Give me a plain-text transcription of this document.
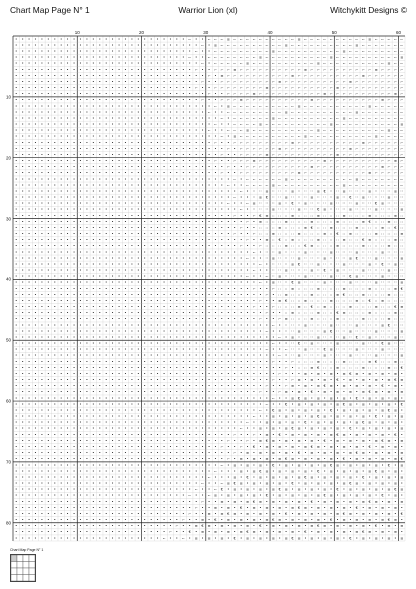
Chart Map Page N° 1	Warrior Lion (xl)	Witchykitt Designs ©
10	20	30	40	50	60
10
20
30
40
50
60
70
80
• • • • • • • • • • • • • • • • • • • • • • • • • • • ⌐ • • ⌐ ⌐ ⌐ ≡ ⌐ ⌐ ⌐ ⌐ ⌐ ⌐ ⌐ ⌐ ⌐ ⌐ ≡ ⌐ ⌐ ⌐ ⌐ ⌐ ⌐ ⌐ ⌐ ⌐ ⌐ ≡ ⌐ ⌐ ⌐ ⌐ ⌐
• • • • • • • • • • • • • • • • • • • • • • • • • • • • • ⌐ • ≡ ⌐ ⌐ ⌐ ⌐ ⌐ ⌐ ⌐ ⌐ ⌐ ⌐ ≡ ⌐ ⌐ ⌐ ⌐ ⌐ ⌐ ⌐ ⌐ ⌐ ⌐ ≡ ⌐ ⌐ ⌐ ⌐ ⌐ ⌐ ⌐
• • • • • • • • • • • • • • • • • • • • • • • • • • • • ⌐ • • ⌐ ⌐ ⌐ ⌐ ⌐ ⌐ ⌐ ⌐ ⌐ ≡ ⌐ ⌐ ⌐ ⌐ ⌐ ⌐ ⌐ ⌐ ⌐ ⌐ ≡ ⌐ ⌐ ⌐ ⌐ ⌐ ⌐ ⌐ ⌐ ⌐
• • • • • • • • • • • • • • • • • • • • • • • • • • • ⌐ • • ⌐ ⌐ ⌐ ⌐ ⌐ ⌐ ⌐ ⌐ ≡ ⌐ ⌐ ⌐ ⌐ ⌐ ⌐ ⌐ ⌐ ⌐ ⌐ ≡ ⌐ ⌐ ⌐ ⌐ ⌐ ⌐ ⌐ ⌐ ⌐ ⌐ ≡
• • • • • • • • • • • • • • • • • • • • • • • • • • • • • ⌐ • ⌐ ⌐ ⌐ ⌐ ⌐ ≡ ⌐ ⌐ ⌐ ⌐ ⌐ ⌐ ⌐ ⌐ ⌐ ⌐ ≡ ⌐ ⌐ ⌐ ⌐ ⌐ ⌐ ⌐ ⌐ ⌐ ⌐ ≡ ⌐ ⌐
• • • • • • • • • • • • • • • • • • • • • • • • • • • • ⌐ • • ⌐ ⌐ ⌐ ≡ ⌐ ⌐ ⌐ ⌐ ⌐ ⌐ ⌐ ⌐ ⌐ ⌐ ≡ ⌐ ⌐ ⌐ ⌐ ⌐ ⌐ ⌐ ⌐ ⌐ ⌐ ≡ ⌐ ⌐ ⌐ ⌐
• • • • • • • • • • • • • • • • • • • • • • • • • • • • • • ⌐ • ≡ ⌐ ⌐ ⌐ ⌐ ⌐ ⌐ ⌐ ⌐ ⌐ ⌐ ≡ ⌐ ⌐ ⌐ ⌐ ⌐ ⌐ ⌐ ⌐ ⌐ ⌐ ≡ ⌐ ⌐ ⌐ ⌐ ⌐ ⌐
• • • • • • • • • • • • • • • • • • • • • • • • • • • • • ⌐ • • ⌐ ⌐ ⌐ ⌐ ⌐ ⌐ ⌐ ⌐ ⌐ ≡ ⌐ ⌐ ⌐ ⌐ ⌐ ⌐ ⌐ ⌐ ⌐ ⌐ ≡ ⌐ ⌐ ⌐ ⌐ ⌐ ⌐ ⌐ ⌐
• • • • • • • • • • • • • • • • • • • • • • • • • • • • ⌐ • • ⌐ ⌐ ⌐ ⌐ ⌐ ⌐ ⌐ ⌐ ≡ ⌐ ⌐ ⌐ ⌐ ⌐ ⌐ ⌐ ⌐ ⌐ ⌐ ≡ ⌐ ⌐ ⌐ ⌐ ⌐ ⌐ ⌐ ⌐ ⌐ ⌐
• • • • • • • • • • • • • • • • • • • • • • • • • • • • • • ⌐ • • ⌐ ⌐ ⌐ ⌐ ≡ ⌐ ⌐ ⌐ ⌐ ⌐ ⌐ ⌐ ⌐ ⌐ ⌐ ≡ ⌐ ⌐ ⌐ ⌐ ⌐ ⌐ ⌐ ⌐ ⌐ ⌐ ≡ ⌐
• • • • • • • • • • • • • • • • • • • • • • • • • • • • • ⌐ • • ⌐ ⌐ ⌐ ≡ ⌐ ⌐ ⌐ ⌐ ⌐ ⌐ ⌐ ⌐ ⌐ ⌐ ≡ ⌐ ⌐ ⌐ ⌐ ⌐ ⌐ ⌐ ⌐ ⌐ ⌐ ≡ ⌐ ⌐ ⌐
• • • • • • • • • • • • • • • • • • • • • • • • • • • • • • • ⌐ • ≡ ⌐ ⌐ ⌐ ⌐ ⌐ ⌐ ⌐ ⌐ ⌐ ⌐ ≡ ⌐ ⌐ ⌐ ⌐ ⌐ ⌐ ⌐ ⌐ ⌐ ⌐ ≡ ⌐ ⌐ ⌐ ⌐ ⌐
• • • • • • • • • • • • • • • • • • • • • • • • • • • • • • ⌐ • • ⌐ ⌐ ⌐ ⌐ ⌐ ⌐ ⌐ ⌐ ⌐ ≡ ⌐ ⌐ ⌐ ⌐ ⌐ ⌐ ⌐ ⌐ ⌐ ⌐ ≡ ⌐ ⌐ ⌐ ⌐ ⌐ ⌐ ⌐
• • • • • • • • • • • • • • • • • • • • • • • • • • • • • • • • ⌐ • ⌐ ⌐ ⌐ ⌐ ⌐ ⌐ ≡ ⌐ ⌐ ⌐ ⌐ ⌐ ⌐ ⌐ ⌐ ⌐ ⌐ ≡ ⌐ ⌐ ⌐ ⌐ ⌐ ⌐ ⌐ ⌐ ⌐
• • • • • • • • • • • • • • • • • • • • • • • • • • • • • • • ⌐ • • ⌐ ⌐ ⌐ ⌐ ≡ ⌐ ⌐ ⌐ ⌐ ⌐ ⌐ ⌐ ⌐ ⌐ ⌐ ≡ ⌐ ⌐ ⌐ ⌐ ⌐ ⌐ ⌐ ⌐ ⌐ ⌐ ≡
• • • • • • • • • • • • • • • • • • • • • • • • • • • • • • ⌐ • • ⌐ ⌐ ⌐ ≡ ⌐ ⌐ ⌐ ⌐ ⌐ ⌐ ⌐ ⌐ ⌐ ⌐ ≡ ⌐ ⌐ ⌐ ⌐ ⌐ ⌐ ⌐ ⌐ ⌐ ⌐ ≡ ⌐ ⌐
• • • • • • • • • • • • • • • • • • • • • • • • • • • • • • • • ⌐ • ≡ ⌐ ⌐ ⌐ ⌐ ⌐ ⌐ ⌐ ⌐ ⌐ ⌐ ≡ ⌐ ⌐ ⌐ ⌐ ⌐ ⌐ ⌐ ⌐ ⌐ ⌐ ≡ ⌐ ⌐ ⌐ ⌐
• • • • • • • • • • • • • • • • • • • • • • • • • • • • • • • ⌐ • • ⌐ ⌐ ⌐ ⌐ ⌐ ⌐ ⌐ ⌐ ⌐ ≡ ⌐ ⌐ ⌐ ⌐ ⌐ ⌐ ⌐ ⌐ ⌐ ⌐ ≡ ⌐ ⌐ ⌐ ⌐ ⌐ ⌐
• • • • • • • • • • • • • • • • • • • • • • • • • • • • • • • • • ⌐ • ⌐ ⌐ ⌐ ⌐ ⌐ ⌐ ≡ ⌐ ⌐ ⌐ ⌐ ⌐ ⌐ ⌐ ⌐ ⌐ ⌐ ≡ ⌐ ⌐ ⌐ ⌐ ⌐ ⌐ ⌐ ⌐
• • • • • • • • • • • • • • • • • • • • • • • • • • • • • • • • ⌐ • • ⌐ ⌐ ⌐ ⌐ ≡ ⌐ ⌐ ⌐ ⌐ ⌐ ⌐ ⌐ ⌐ ⌐ ⌐ ≡ ⌐ ⌐ ⌐ ⌐ ⌐ ⌐ ⌐ ⌐ ⌐ ⌐
• • • • • • • • • • • • • • • • • • • • • • • • • • • • • • • ⌐ • • ⌐ ⌐ ⌐ ≡ ⌐ ⌐ ⌐ ⌐ ⌐ ⌐ ⌐ ⌐ ⌐ ⌐ ≡ ⌐ ⌐ ⌐ ⌐ ⌐ ⌐ ⌐ ⌐ ⌐ ⌐ ≡ ⌐
• • • • • • • • • • • • • • • • • • • • • • • • • • • • • • • • • ⌐ • • ⌐ ⌐ ⌐ ⌐ ⌐ ⌐ ⌐ ⌐ ⌐ ⌐ ≡ ⌐ ⌐ ⌐ ⌐ ⌐ ⌐ ⌐ ⌐ ⌐ ⌐ ≡ ⌐ ⌐ ⌐
• • • • • • • • • • • • • • • • • • • • • • • • • • • • • • • • ⌐ • • ⌐ ⌐ ⌐ ⌐ ⌐ ⌐ ⌐ ⌐ ⌐ ≡ ⌐ ⌐ ⌐ ⌐ ⌐ ⌐ ⌐ ⌐ ⌐ ⌐ ≡ ⌐ ⌐ ⌐ ⌐ ⌐
• • • • • • • • • • • • • • • • • • • • • • • • • • • • • • • • • • ⌐ • ⌐ ⌐ ⌐ ⌐ ⌐ ⌐ ≡ ⌐ ⌐ ⌐ ⌐ ⌐ ⌐ ⌐ ⌐ ⌐ ⌐ ≡ ⌐ ⌐ ⌐ ⌐ ⌐ ⌐ ⌐
• • • • • • • • • • • • • • • • • • • • • • • • • • • • • • • • • ⌐ • • ⌐ ⌐ ⌐ ⌐ ≡ ⌐ ⌐ ⌐ ⌐ ⌐ ⌐ ⌐ ⌐ ⌐ ⌐ ≡ ⌐ ⌐ ⌐ ⌐ ⌐ ⌐ ⌐ ⌐ ⌐
• • • • • • • • • • • • • • • • • • • • • • • • • • • • • • • • • • • ⌐ • ∷ ∷ ≡ ∷ ∷ ∷ ≡ ∷ ∷ ∷ ≡ € ∷ ∷ ≡ ∷ ∷ ∷ ≡ ∷ ∷ ∷ ≡ ∷
• • • • • • • • • • • • • • • • • • • • • • • • • • • • • • • • • • ⌐ • • ∷ ≡ € ∷ ∷ ≡ ∷ ∷ ∷ ≡ ∷ ∷ ∷ ≡ ∷ € ∷ ≡ ∷ ∷ ∷ ≡ ∷ ∷
• • • • • • • • • • • • • • • • • • • • • • • • • • • • • • • • • ⌐ • • ⌐ ≡ ∷ ∷ ∷ ≡ ∷ € ∷ ≡ ∷ ∷ ∷ ≡ ∷ ∷ ∷ ≡ ∷ ∷ € ≡ ∷ ∷ ∷
• • • • • • • • • • • • • • • • • • • • • • • • • • • • • • • • • • • ⌐ • ∷ ∷ ∷ ≡ ∷ ∷ ∷ ≡ ∷ ∷ € ≡ ∷ ∷ ∷ ≡ ∷ ∷ ∷ ≡ ∷ ∷ ∷ ≡
• • • • • • • • • • • • • • • • • • • • • • • • • • • • • • • • • • ⌐ • • ⌐ € ≡ ∷ ∷ ∷ ≡ ∷ ∷ ∷ ≡ ∷ ∷ ∷ ≡ ∷ ∷ ∷ ≡ ∷ ∷ ∷ ≡ ∷
• • • • • • • • • • • • • • • • • • • • • • • • • • • • • • • • • • • • ⌐ • ≡ ∷ ∷ ∷ ≡ ∷ ∷ ∷ ≡ ∷ ∷ ∷ ≡ ∷ ∷ ∷ ≡ € ∷ ∷ ≡ ∷ ∷
• • • • • • • • • • • • • • • • • • • • • • • • • • • • • • • • • • • ⌐ • • ∷ ∷ ∷ ≡ ∷ ∷ ∷ ≡ € ∷ ∷ ≡ ∷ ∷ ∷ ≡ ∷ ∷ ∷ ≡ ∷ € ∷
• • • • • • • • • • • • • • • • • • • • • • • • • • • • • • • • • • ⌐ • • ⌐ ∷ ∷ ≡ ∷ ∷ ∷ ≡ ∷ ∷ ∷ ≡ ∷ € ∷ ≡ ∷ ∷ ∷ ≡ ∷ ∷ ∷ ≡
• • • • • • • • • • • • • • • • • • • • • • • • • • • • • • • • • • • • ⌐ • • ≡ ∷ € ∷ ≡ ∷ ∷ ∷ ≡ ∷ ∷ ∷ ≡ ∷ ∷ € ≡ ∷ ∷ ∷ ≡ ∷
• • • • • • • • • • • • • • • • • • • • • • • • • • • • • • • • • • • ⌐ • • ⌐ ∷ ∷ ∷ ≡ ∷ ∷ € ≡ ∷ ∷ ∷ ≡ ∷ ∷ ∷ ≡ ∷ ∷ ∷ ≡ ∷ ∷
• • • • • • • • • • • • • • • • • • • • • • • • • • • • • • • • • • • • • ⌐ • ∷ ∷ ≡ ∷ ∷ ∷ ≡ ∷ ∷ ∷ ≡ ∷ ∷ ∷ ≡ ∷ ∷ ∷ ≡ ∷ ∷ ∷
• • • • • • • • • • • • • • • • • • • • • • • • • • • • • • • • • • • • ⌐ • • ∷ ≡ ∷ ∷ ∷ ≡ ∷ ∷ ∷ ≡ ∷ ∷ ∷ ≡ € ∷ ∷ ≡ ∷ ∷ ∷ ≡
• • • • • • • • • • • • • • • • • • • • • • • • • • • • • • • • • • • • • • ⌐ • ∷ ∷ ∷ ≡ € ∷ ∷ ≡ ∷ ∷ ∷ ≡ ∷ ∷ ∷ ≡ ∷ € ∷ ≡ ∷
• • • • • • • • • • • • • • • • • • • • • • • • • • • • • • • • • • • • • ⌐ • • ∷ ∷ ≡ ∷ ∷ ∷ ≡ ∷ € ∷ ≡ ∷ ∷ ∷ ≡ ∷ ∷ ∷ ≡ ∷ ∷
• • • • • • • • • • • • • • • • • • • • • • • • • • • • • • • • • • • • ⌐ • • ⌐ ∷ ≡ ∷ ∷ ∷ ≡ ∷ ∷ ∷ ≡ ∷ ∷ € ≡ ∷ ∷ ∷ ≡ ∷ ∷ ∷
• • • • • • • • • • • • • • • • • • • • • • • • • • • • • • • • • • • • • • ⌐ • ≡ ∷ ∷ € ≡ ∷ ∷ ∷ ≡ ∷ ∷ ∷ ≡ ∷ ∷ ∷ ≡ ∷ ∷ ∷ ≡
• • • • • • • • • • • • • • • • • • • • • • • • • • • • • • • • • • • • • ⌐ • • ⌐ ∷ ∷ ≡ ∷ ∷ ∷ ≡ ∷ ∷ ∷ ≡ ∷ ∷ ∷ ≡ ∷ ∷ ∷ ≡ €
• • • • • • • • • • • • • • • • • • • • • • • • • • • • • • • • • • • • • • • ⌐ • ∷ ≡ ∷ ∷ ∷ ≡ ∷ ∷ ∷ ≡ € ∷ ∷ ≡ ∷ ∷ ∷ ≡ ∷ ∷
• • • • • • • • • • • • • • • • • • • • • • • • • • • • • • • • • • • • • • ⌐ • • ≡ € ∷ ∷ ≡ ∷ ∷ ∷ ≡ ∷ ∷ ∷ ≡ ∷ € ∷ ≡ ∷ ∷ ∷
• • • • • • • • • • • • • • • • • • • • • • • • • • • • • • • • • • • • • ⌐ • • ⌐ ∷ ∷ ∷ ≡ ∷ € ∷ ≡ ∷ ∷ ∷ ≡ ∷ ∷ ∷ ≡ ∷ ∷ € ≡
• • • • • • • • • • • • • • • • • • • • • • • • • • • • • • • • • • • • • • • ⌐ • • ∷ ≡ ∷ ∷ ∷ ≡ ∷ ∷ € ≡ ∷ ∷ ∷ ≡ ∷ ∷ ∷ ≡ ∷
• • • • • • • • • • • • • • • • • • • • • • • • • • • • • • • • • • • • • • ⌐ • • ⌐ ≡ ∷ ∷ ∷ ≡ ∷ ∷ ∷ ≡ ∷ ∷ ∷ ≡ ∷ ∷ ∷ ≡ ∷ ∷
• • • • • • • • • • • • • • • • • • • • • • • • • • • • • • • • • • • • • • • • ⌐ • ∷ ∷ ∷ ≡ ∷ ∷ ∷ ≡ ∷ ∷ ∷ ≡ ∷ ∷ ∷ ≡ € ∷ ∷
• • • • • • • • • • • • • • • • • • • • • • • • • • • • • • • • • • • • • • • ⌐ • • ∷ ∷ ≡ ∷ ∷ ∷ ≡ € ∷ ∷ ≡ ∷ ∷ ∷ ≡ ∷ ∷ ∷ ≡
• • • • • • • • • • • • • • • • • • • • • • • • • • • • • • • • • • • • • • • • • ⌐ • ≡ ∷ ∷ ∷ ≡ ∷ ∷ ∷ ≡ ∷ € ∷ ≡ ∷ ∷ ∷ ≡ ∷
• • • • • • • • • • • • • • • • • • • • • • • • • • • • • • • • • • • • • • • • ⌐ • • ∷ € ∷ ≡ ∷ ∷ ∷ ≡ ∷ ∷ ∷ ≡ ∷ ∷ € ≡ ∷ ∷
• • • • • • • • • • • • • • • • • • • • • • • • • • • • • • • • • • • • • • • ⌐ • • ⌐ ∷ ∷ ≡ ∷ ∷ € ≡ ∷ ∷ ∷ ≡ ∷ ∷ ∷ ≡ ∷ ∷ ∷
• • • • • • • • • • • • • • • • • • • • • • • • • • • • • • • • • • • • • • • • • ⌐ • ∷ ≡ ∷ ∷ ∷ ≡ ∷ ∷ ∷ ≡ ∷ ∷ ∷ ≡ ∷ ∷ ∷ ≡
• • • • • • • • • • • • • • • • • • • • • • • • • • • • • • • • • • • • • • • • ⌐ • • ⌐ ∷ ∷ ∷ ≡ ∷ ∷ ∷ ≡ ∷ ∷ ∷ ≡ € ∷ ∷ ≡ ∷
• • • • • • • • • • • • • • • • • • • • • • • • • • • • • • • • • • • • • • • • • • ⌐ • ∷ ∷ ≡ € ∷ ∷ ≡ ∷ ∷ ∷ ≡ ∷ ∷ ∷ ≡ ∷ €
• • • • • • • • • • • • • • • • • • • • • • • • • • • • • • • • • • • • • • • • • ⌐ • • • ≡ • ≡ • ≡ • ≡ € ≡ • ≡ • ≡ • ≡ •
• • • • • • • • • • • • • • • • • • • • • • • • • • • • • • • • • • • • • • • • ⌐ • • ⌐ ≡ • ≡ • ≡ • € • ≡ • ≡ • ≡ • ≡ € ≡
• • • • • • • • • • • • • • • • • • • • • • • • • • • • • • • • • • • • • • • ⌐ • • ⌐ ≡ • ≡ • ≡ € ≡ • ≡ • ≡ • ≡ • € • ≡ •
• • • • • • • • • • • • • • • • • • • • • • • • • • • • • • • • • • • • • • ⌐ • • ⌐ ≡ • ≡ • € • ≡ • ≡ • ≡ • ≡ € ≡ • ≡ • ≡
• • • • • • • • • • • • • • • • • • • • • • • • • • • • • • • • • • • • • • • • ⌐ • • ≡ € ≡ • ≡ • ≡ • ≡ • € • ≡ • ≡ • ≡ •
• • • • • • • • • • • • • • • • • • • • • • • • • • • • • • • • • • • • • • • ⌐ • • € • ≡ • ≡ • ≡ • ≡ € ≡ • ≡ • ≡ • ≡ • €
• • • • • • • • • • • • • • • • • • • • • • • • • • • • • • • • • • • • • • ⌐ • € ≡ • ≡ • ≡ • ≡ • € • ≡ • ≡ • ≡ • ≡ € ≡ •
• • • • • • • • • • • • • • • • • • • • • • • • • • • • • • • • • • • • • ⌐ • • ≡ • ≡ • ≡ • ≡ € ≡ • ≡ • ≡ • ≡ • € • ≡ • ≡
• • • • • • • • • • • • • • • • • • • • • • • • • • • • • • • • • • • • ⌐ • • ≡ • ≡ • ≡ • € • ≡ • ≡ • ≡ • ≡ € ≡ • ≡ • ≡ •
• • • • • • • • • • • • • • • • • • • • • • • • • • • • • • • • • • • ⌐ • • ≡ • ≡ • ≡ € ≡ • ≡ • ≡ • ≡ • € • ≡ • ≡ • ≡ • ≡
• • • • • • • • • • • • • • • • • • • • • • • • • • • • • • • • • • ⌐ • • ⌐ • ≡ • € • ≡ • ≡ • ≡ • ≡ € ≡ • ≡ • ≡ • ≡ • € •
• • • • • • • • • • • • • • • • • • • • • • • • • • • • • • • • • ⌐ • • ⌐ • ≡ € ≡ • ≡ • ≡ • ≡ • € • ≡ • ≡ • ≡ • ≡ € ≡ • ≡
• • • • • • • • • • • • • • • • • • • • • • • • • • • • • • • • ⌐ • • ⌐ • € • ≡ • ≡ • ≡ • ≡ € ≡ • ≡ • ≡ • ≡ • € • ≡ • ≡ •
• • • • • • • • • • • • • • • • • • • • • • • • • • • • • • • • • • ⌐ • ≡ • ≡ • ≡ • ≡ • € • ≡ • ≡ • ≡ • ≡ € ≡ • ≡ • ≡ • ≡
• • • • • • • • • • • • • • • • • • • • • • • • • • • • • • • • • ⌐ • ≡ • ≡ • ≡ • ≡ € ≡ • ≡ • ≡ • ≡ • € • ≡ • ≡ • ≡ • ≡ €
• • • • • • • • • • • • • • • • • • • • • • • • • • • • • • • • ⌐ • ≡ • ≡ • ≡ • € • ≡ • ≡ • ≡ • ≡ € ≡ • ≡ • ≡ • ≡ • € • ≡
• • • • • • • • • • • • • • • • • • • • • • • • • • • • • • • ⌐ • • • ≡ • ≡ € ≡ • ≡ • ≡ • ≡ • € • ≡ • ≡ • ≡ • ≡ € ≡ • ≡ •
• • • • • • • • • • • • • • • • • • • • • • • • • • • • • • ⌐ • • • ≡ • € • ≡ • ≡ • ≡ • ≡ € ≡ • ≡ • ≡ • ≡ • € • ≡ • ≡ • ≡
• • • • • • • • • • • • • • • • • • • • • • • • • • • • • ⌐ • • ⌐ ≡ € ≡ • ≡ • ≡ • ≡ • € • ≡ • ≡ • ≡ • ≡ € ≡ • ≡ • ≡ • ≡ •
• • • • • • • • • • • • • • • • • • • • • • • • • • • • ⌐ • • ⌐ € • ≡ • ≡ • ≡ • ≡ € ≡ • ≡ • ≡ • ≡ • € • ≡ • ≡ • ≡ • ≡ € ≡
• • • • • • • • • • • • • • • • • • • • • • • • • • • ⌐ • • ⌐ ≡ • ≡ • ≡ • ≡ • € • ≡ • ≡ • ≡ • ≡ € ≡ • ≡ • ≡ • ≡ • € • ≡ •
• • • • • • • • • • • • • • • • • • • • • • • • • • • • • ⌐ • • ≡ • ≡ • ≡ € ≡ • ≡ • ≡ • ≡ • € • ≡ • ≡ • ≡ • ≡ € ≡ • ≡ • ≡
• • • • • • • • • • • • • • • • • • • • • • • • • • • • ⌐ • • ≡ • ≡ • € • ≡ • ≡ • ≡ • ≡ € ≡ • ≡ • ≡ • ≡ • € • ≡ • ≡ • ≡ •
• • • • • • • • • • • • • • • • • • • • • • • • • • • ⌐ • • ≡ • ≡ € ≡ • ≡ • ≡ • ≡ • € • ≡ • ≡ • ≡ • ≡ € ≡ • ≡ • ≡ • ≡ • €
• • • • • • • • • • • • • • • • • • • • • • • • • • ⌐ • • ≡ • € • ≡ • ≡ • ≡ • ≡ € ≡ • ≡ • ≡ • ≡ • € • ≡ • ≡ • ≡ • ≡ € ≡ •
• • • • • • • • • • • • • • • • • • • • • • • • • ⌐ • • ≡ € ≡ • ≡ • ≡ • ≡ • € • ≡ • ≡ • ≡ • ≡ € ≡ • ≡ • ≡ • ≡ • € • ≡ • ≡
• • • • • • • • • • • • • • • • • • • • • • • • ⌐ • • € • ≡ • ≡ • ≡ • ≡ € ≡ • ≡ • ≡ • ≡ • € • ≡ • ≡ • ≡ • ≡ € ≡ • ≡ • ≡ •
• • • • • • • • • • • • • • • • • • • • • • • ⌐ • • ⌐ • ≡ • ≡ • ≡ • € • ≡ • ≡ • ≡ • ≡ € ≡ • ≡ • ≡ • ≡ • € • ≡ • ≡ • ≡ • ≡
Chart Map Page N° 1
